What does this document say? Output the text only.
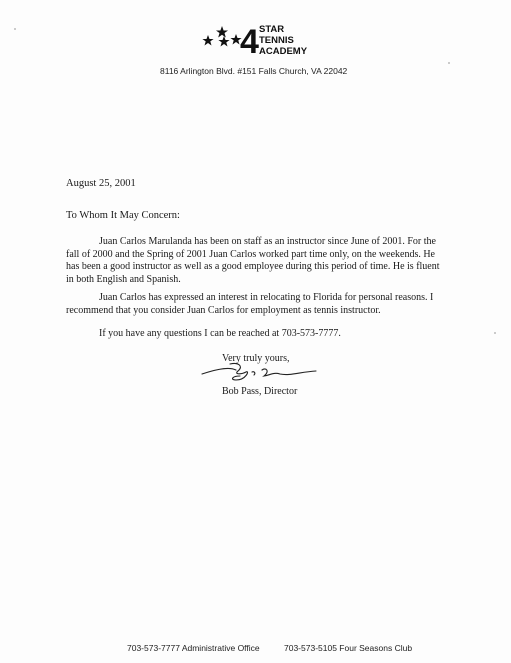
4 STAR
TENNIS
ACADEMY
8116 Arlington Blvd. #151 Falls Church, VA 22042
August 25, 2001
To Whom It May Concern:
Juan Carlos Marulanda has been on staff as an instructor since June of 2001. For the fall of 2000 and the Spring of 2001 Juan Carlos worked part time only, on the weekends. He has been a good instructor as well as a good employee during this period of time. He is fluent in both English and Spanish.
Juan Carlos has expressed an interest in relocating to Florida for personal reasons. I recommend that you consider Juan Carlos for employment as tennis instructor.
If you have any questions I can be reached at 703-573-7777.
Very truly yours,
Bob Pass, Director
703-573-7777 Administrative Office	703-573-5105 Four Seasons Club
